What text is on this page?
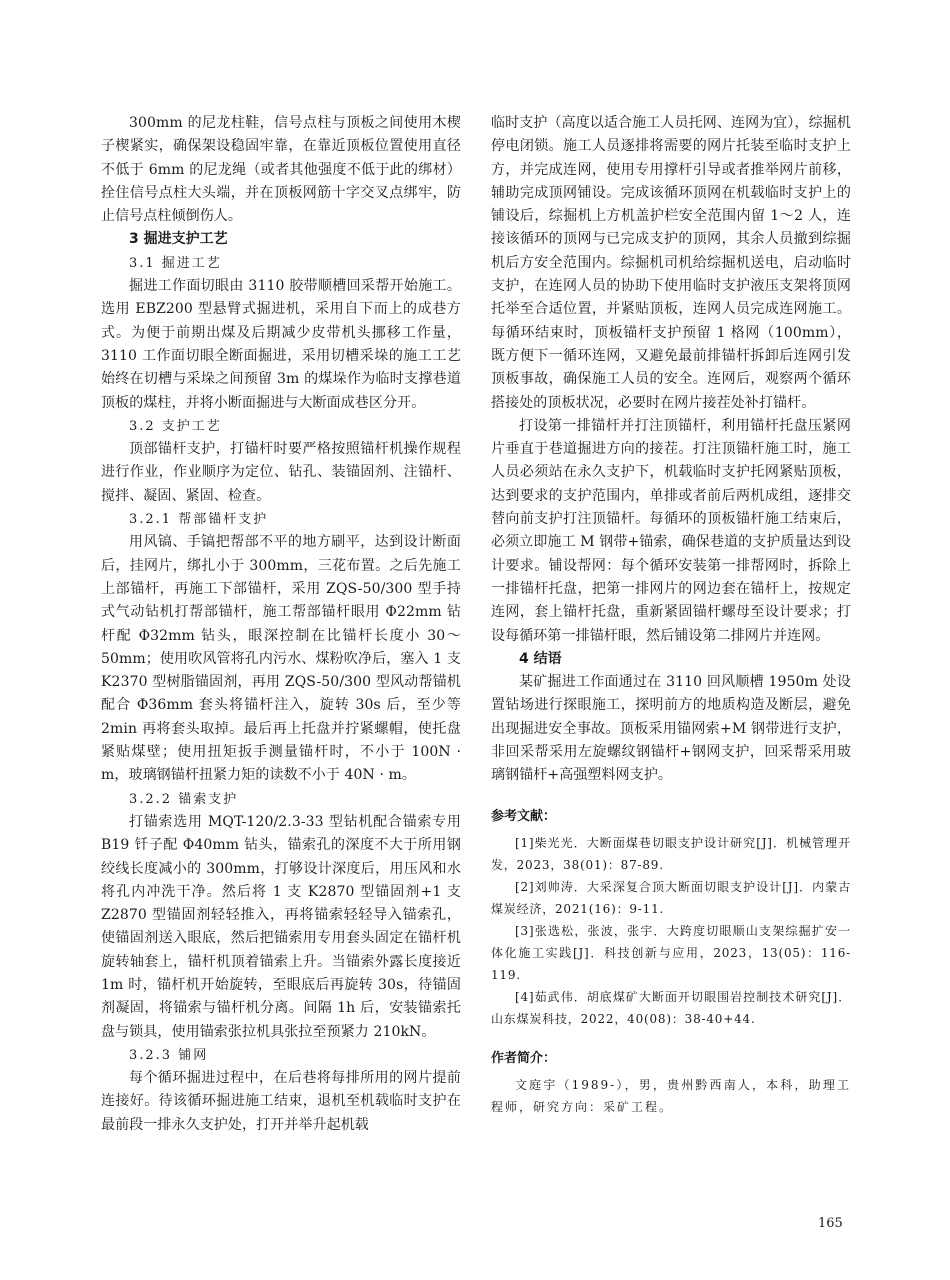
300mm 的尼龙柱鞋，信号点柱与顶板之间使用木楔子楔紧实，确保架设稳固牢靠，在靠近顶板位置使用直径不低于 6mm 的尼龙绳（或者其他强度不低于此的绑材）拴住信号点柱大头端，并在顶板网筋十字交叉点绑牢，防止信号点柱倾倒伤人。

3 掘进支护工艺

3.1 掘进工艺

掘进工作面切眼由 3110 胶带顺槽回采帮开始施工。选用 EBZ200 型悬臂式掘进机，采用自下而上的成巷方式。为便于前期出煤及后期减少皮带机头挪移工作量，3110 工作面切眼全断面掘进，采用切槽采垛的施工工艺始终在切槽与采垛之间预留 3m 的煤垛作为临时支撑巷道顶板的煤柱，并将小断面掘进与大断面成巷区分开。

3.2 支护工艺

顶部锚杆支护，打锚杆时要严格按照锚杆机操作规程进行作业，作业顺序为定位、钻孔、装锚固剂、注锚杆、搅拌、凝固、紧固、检查。

3.2.1 帮部锚杆支护

用风镐、手镐把帮部不平的地方刷平，达到设计断面后，挂网片，绑扎小于 300mm，三花布置。之后先施工上部锚杆，再施工下部锚杆，采用 ZQS-50/300 型手持式气动钻机打帮部锚杆，施工帮部锚杆眼用 Φ22mm 钻杆配 Φ32mm 钻头，眼深控制在比锚杆长度小 30～50mm；使用吹风管将孔内污水、煤粉吹净后，塞入 1 支 K2370 型树脂锚固剂，再用 ZQS-50/300 型风动帮锚机配合 Φ36mm 套头将锚杆注入，旋转 30s 后，至少等 2min 再将套头取掉。最后再上托盘并拧紧螺帽，使托盘紧贴煤壁；使用扭矩扳手测量锚杆时，不小于 100N · m，玻璃钢锚杆扭紧力矩的读数不小于 40N · m。

3.2.2 锚索支护

打锚索选用 MQT-120/2.3-33 型钻机配合锚索专用 B19 钎子配 Φ40mm 钻头，锚索孔的深度不大于所用钢绞线长度减小的 300mm，打够设计深度后，用压风和水将孔内冲洗干净。然后将 1 支 K2870 型锚固剂+1 支 Z2870 型锚固剂轻轻推入，再将锚索轻轻导入锚索孔，使锚固剂送入眼底，然后把锚索用专用套头固定在锚杆机旋转轴套上，锚杆机顶着锚索上升。当锚索外露长度接近 1m 时，锚杆机开始旋转，至眼底后再旋转 30s，待锚固剂凝固，将锚索与锚杆机分离。间隔 1h 后，安装锚索托盘与锁具，使用锚索张拉机具张拉至预紧力 210kN。

3.2.3 铺网

每个循环掘进过程中，在后巷将每排所用的网片提前连接好。待该循环掘进施工结束，退机至机载临时支护在最前段一排永久支护处，打开并举升起机载

临时支护（高度以适合施工人员托网、连网为宜），综掘机停电闭锁。施工人员逐排将需要的网片托装至临时支护上方，并完成连网，使用专用撑杆引导或者推举网片前移，辅助完成顶网铺设。完成该循环顶网在机载临时支护上的铺设后，综掘机上方机盖护栏安全范围内留 1～2 人，连接该循环的顶网与已完成支护的顶网，其余人员撤到综掘机后方安全范围内。综掘机司机给综掘机送电，启动临时支护，在连网人员的协助下使用临时支护液压支架将顶网托举至合适位置，并紧贴顶板，连网人员完成连网施工。每循环结束时，顶板锚杆支护预留 1 格网（100mm），既方便下一循环连网，又避免最前排锚杆拆卸后连网引发顶板事故，确保施工人员的安全。连网后，观察两个循环搭接处的顶板状况，必要时在网片接茬处补打锚杆。

打设第一排锚杆并打注顶锚杆，利用锚杆托盘压紧网片垂直于巷道掘进方向的接茬。打注顶锚杆施工时，施工人员必须站在永久支护下，机载临时支护托网紧贴顶板，达到要求的支护范围内，单排或者前后两机成组，逐排交替向前支护打注顶锚杆。每循环的顶板锚杆施工结束后，必须立即施工 M 钢带+锚索，确保巷道的支护质量达到设计要求。铺设帮网：每个循环安装第一排帮网时，拆除上一排锚杆托盘，把第一排网片的网边套在锚杆上，按规定连网，套上锚杆托盘，重新紧固锚杆螺母至设计要求；打设每循环第一排锚杆眼，然后铺设第二排网片并连网。

4 结语

某矿掘进工作面通过在 3110 回风顺槽 1950m 处设置钻场进行探眼施工，探明前方的地质构造及断层，避免出现掘进安全事故。顶板采用锚网索+M 钢带进行支护，非回采帮采用左旋螺纹钢锚杆+钢网支护，回采帮采用玻璃钢锚杆+高强塑料网支护。

参考文献：

[1]柴光光．大断面煤巷切眼支护设计研究[J]．机械管理开发，2023，38(01)：87-89.

[2]刘帅涛．大采深复合顶大断面切眼支护设计[J]．内蒙古煤炭经济，2021(16)：9-11.

[3]张选松，张波，张宇．大跨度切眼顺山支架综掘扩安一体化施工实践[J]．科技创新与应用，2023，13(05)：116-119.

[4]茹武伟．胡底煤矿大断面开切眼围岩控制技术研究[J]．山东煤炭科技，2022，40(08)：38-40+44.

作者简介：

文庭宇（1989-），男，贵州黔西南人，本科，助理工程师，研究方向：采矿工程。

165
